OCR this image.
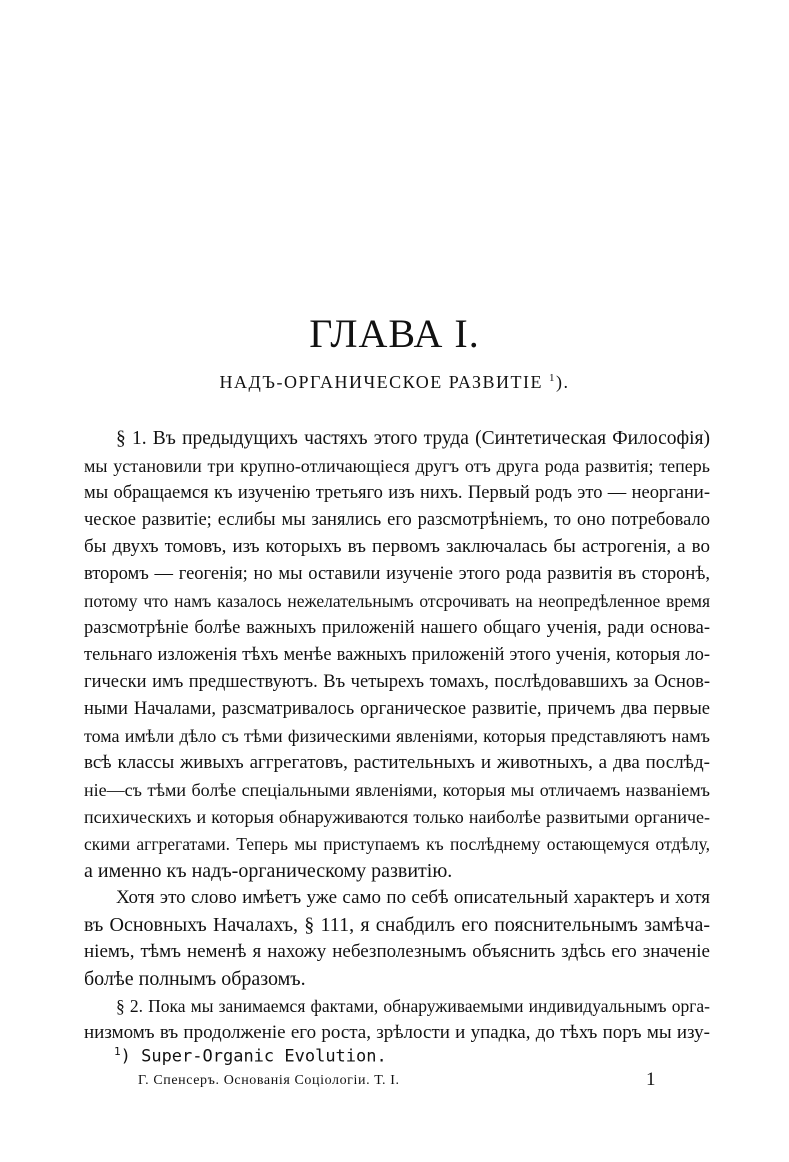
ГЛАВА I.
НАДЪ-ОРГАНИЧЕСКОЕ РАЗВИТІЕ $^1$).
§ 1. Въ предыдущихъ частяхъ этого труда (Синтетическая Философія)
мы установили три крупно-отличающіеся другъ отъ друга рода развитія; теперь
мы обращаемся къ изученію третьяго изъ нихъ. Первый родъ это — неоргани-
ческое развитіе; еслибы мы занялись его разсмотрѣніемъ, то оно потребовало
бы двухъ томовъ, изъ которыхъ въ первомъ заключалась бы астрогенія, а во
второмъ — геогенія; но мы оставили изученіе этого рода развитія въ сторонѣ,
потому что намъ казалось нежелательнымъ отсрочивать на неопредѣленное время
разсмотрѣніе болѣе важныхъ приложеній нашего общаго ученія, ради основа-
тельнаго изложенія тѣхъ менѣе важныхъ приложеній этого ученія, которыя ло-
гически имъ предшествуютъ. Въ четырехъ томахъ, послѣдовавшихъ за Основ-
ными Началами, разсматривалось органическое развитіе, причемъ два первые
тома имѣли дѣло съ тѣми физическими явленіями, которыя представляютъ намъ
всѣ классы живыхъ аггрегатовъ, растительныхъ и животныхъ, а два послѣд-
ніе—съ тѣми болѣе спеціальными явленіями, которыя мы отличаемъ названіемъ
психическихъ и которыя обнаруживаются только наиболѣе развитыми органиче-
скими аггрегатами. Теперь мы приступаемъ къ послѣднему остающемуся отдѣлу,
а именно къ надъ-органическому развитію.
Хотя это слово имѣетъ уже само по себѣ описательный характеръ и хотя
въ Основныхъ Началахъ, § 111, я снабдилъ его пояснительнымъ замѣча-
ніемъ, тѣмъ неменѣ я нахожу небезполезнымъ объяснить здѣсь его значеніе
болѣе полнымъ образомъ.
§ 2. Пока мы занимаемся фактами, обнаруживаемыми индивидуальнымъ орга-
низмомъ въ продолженіе его роста, зрѣлости и упадка, до тѣхъ поръ мы изу-
$^1$) Super-Organic Evolution.
Г. Спенсеръ. Основанія Соціологіи. Т. I.	1
